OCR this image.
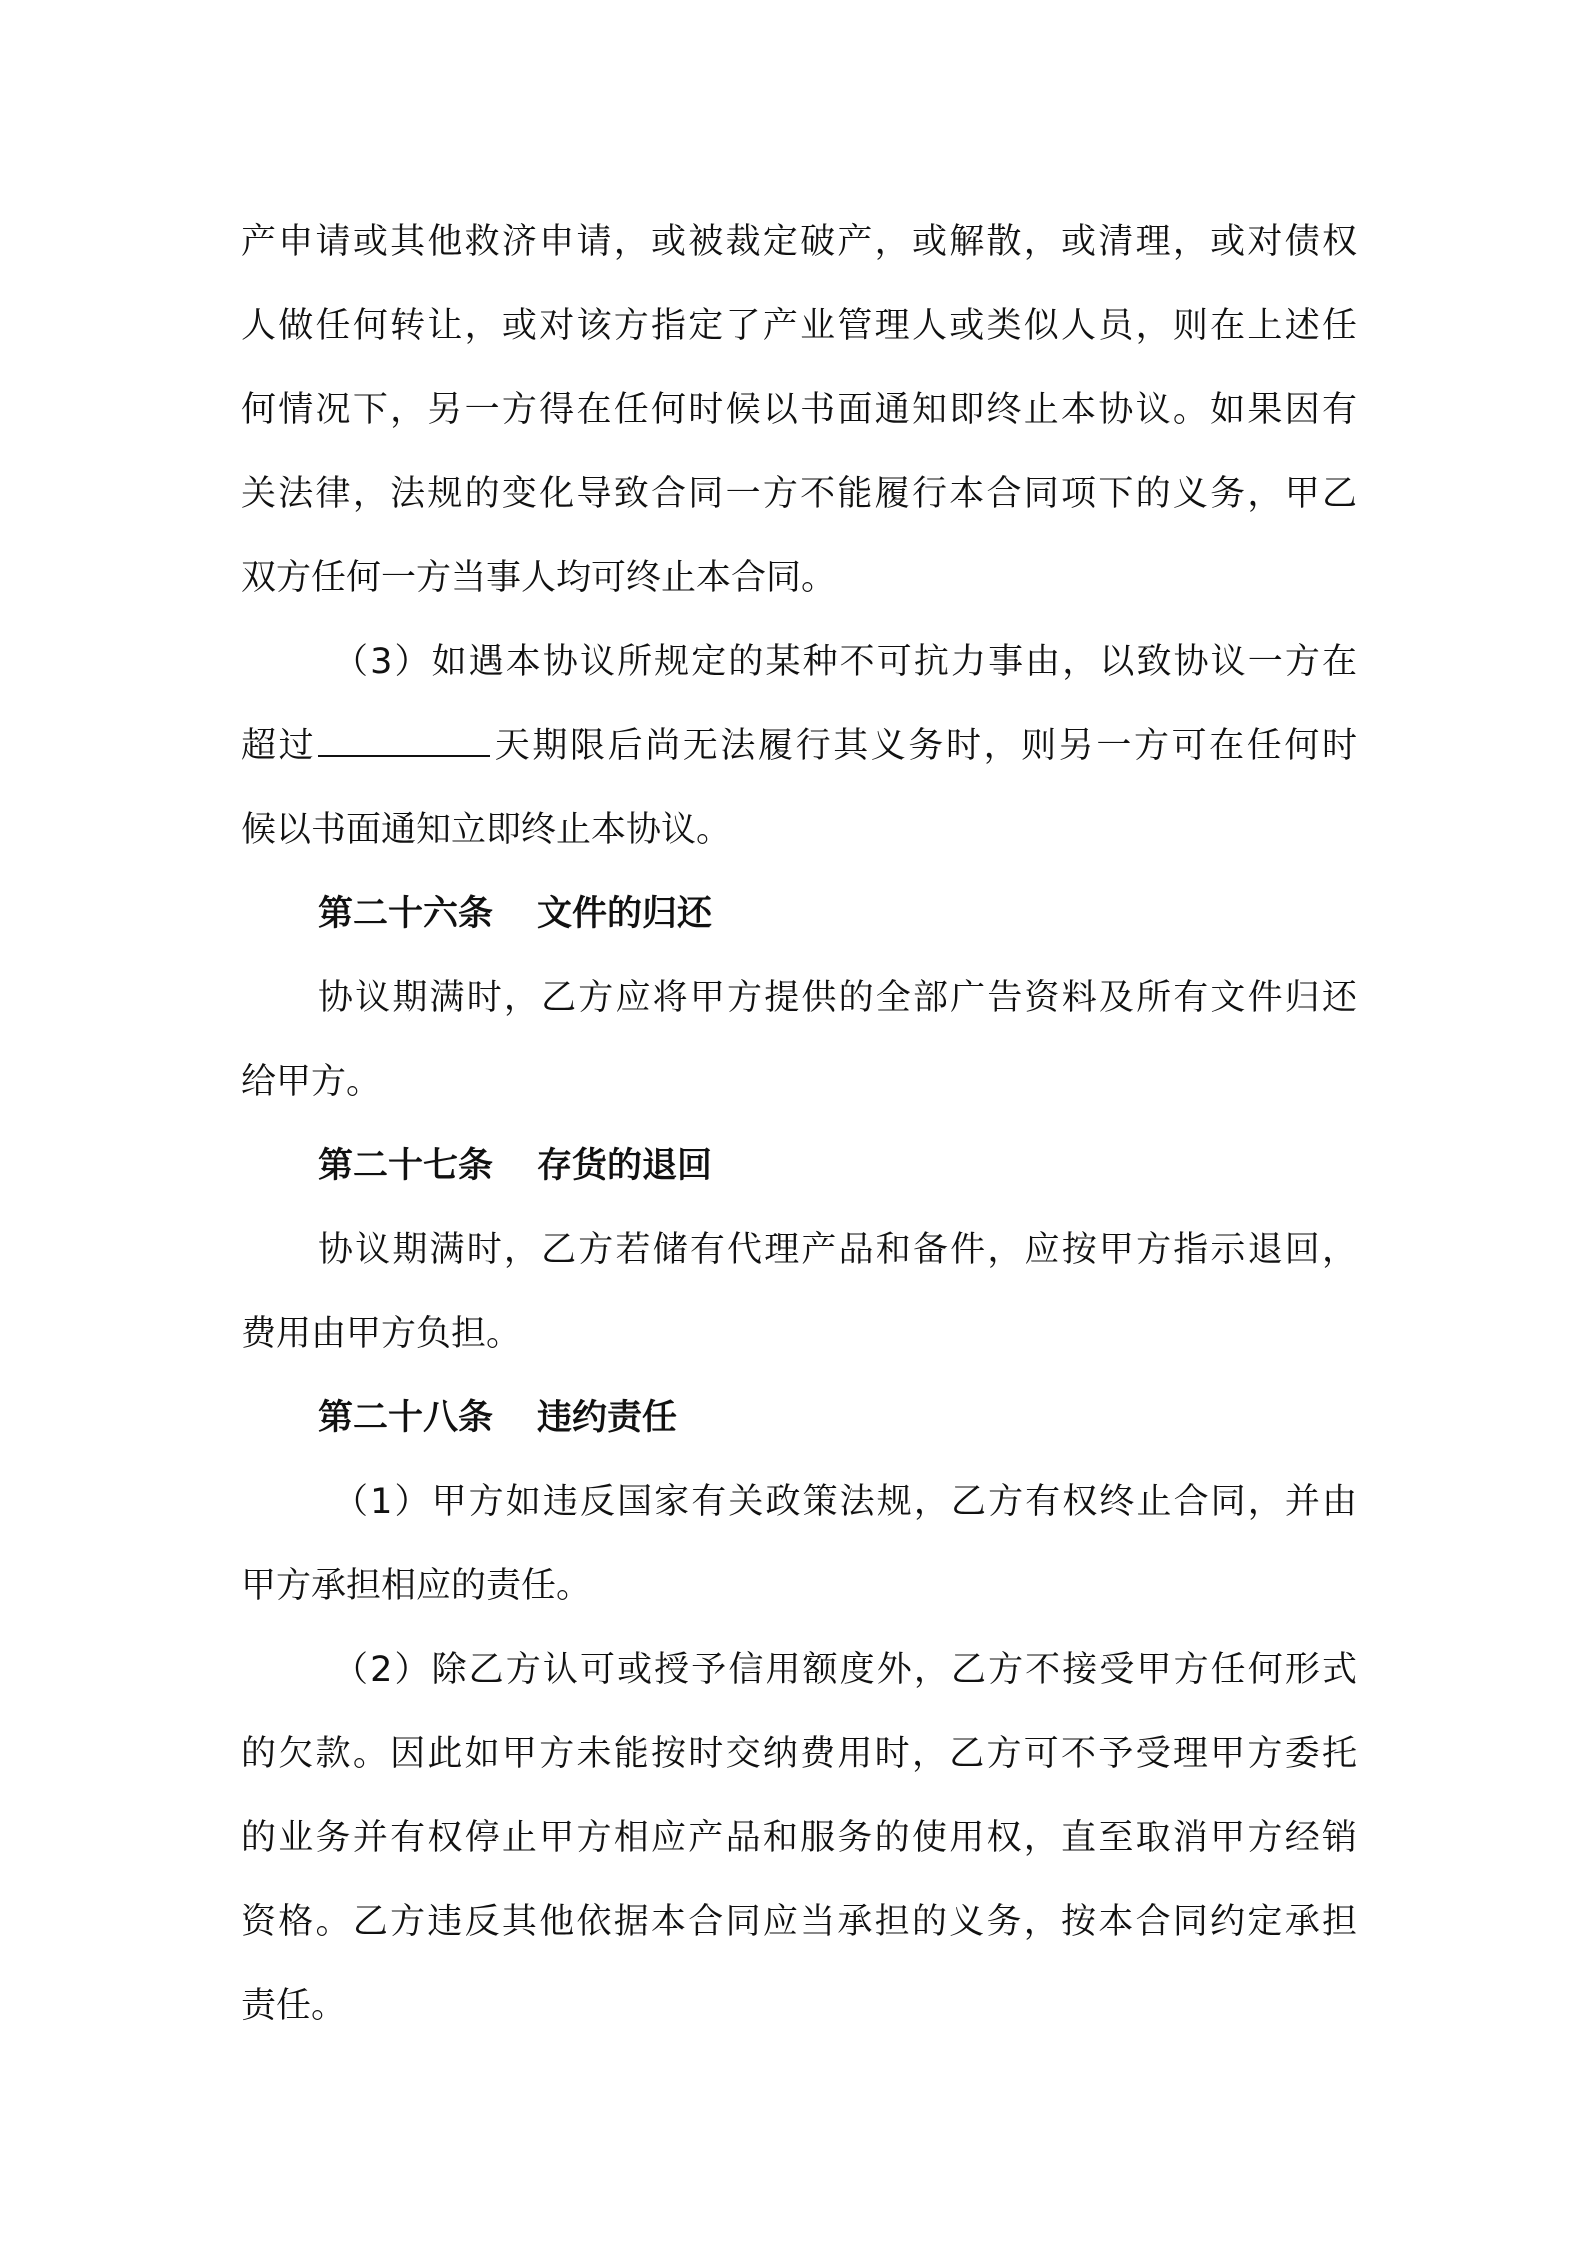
产申请或其他救济申请，或被裁定破产，或解散，或清理，或对债权

人做任何转让，或对该方指定了产业管理人或类似人员，则在上述任

何情况下，另一方得在任何时候以书面通知即终止本协议。如果因有

关法律，法规的变化导致合同一方不能履行本合同项下的义务，甲乙

双方任何一方当事人均可终止本合同。

（3）如遇本协议所规定的某种不可抗力事由，以致协议一方在

超过	天期限后尚无法履行其义务时，则另一方可在任何时

候以书面通知立即终止本协议。

第二十六条 文件的归还

协议期满时，乙方应将甲方提供的全部广告资料及所有文件归还

给甲方。

第二十七条 存货的退回

协议期满时，乙方若储有代理产品和备件，应按甲方指示退回，

费用由甲方负担。

第二十八条 违约责任

（1）甲方如违反国家有关政策法规，乙方有权终止合同，并由

甲方承担相应的责任。

（2）除乙方认可或授予信用额度外，乙方不接受甲方任何形式

的欠款。因此如甲方未能按时交纳费用时，乙方可不予受理甲方委托

的业务并有权停止甲方相应产品和服务的使用权，直至取消甲方经销

资格。乙方违反其他依据本合同应当承担的义务，按本合同约定承担

责任。
